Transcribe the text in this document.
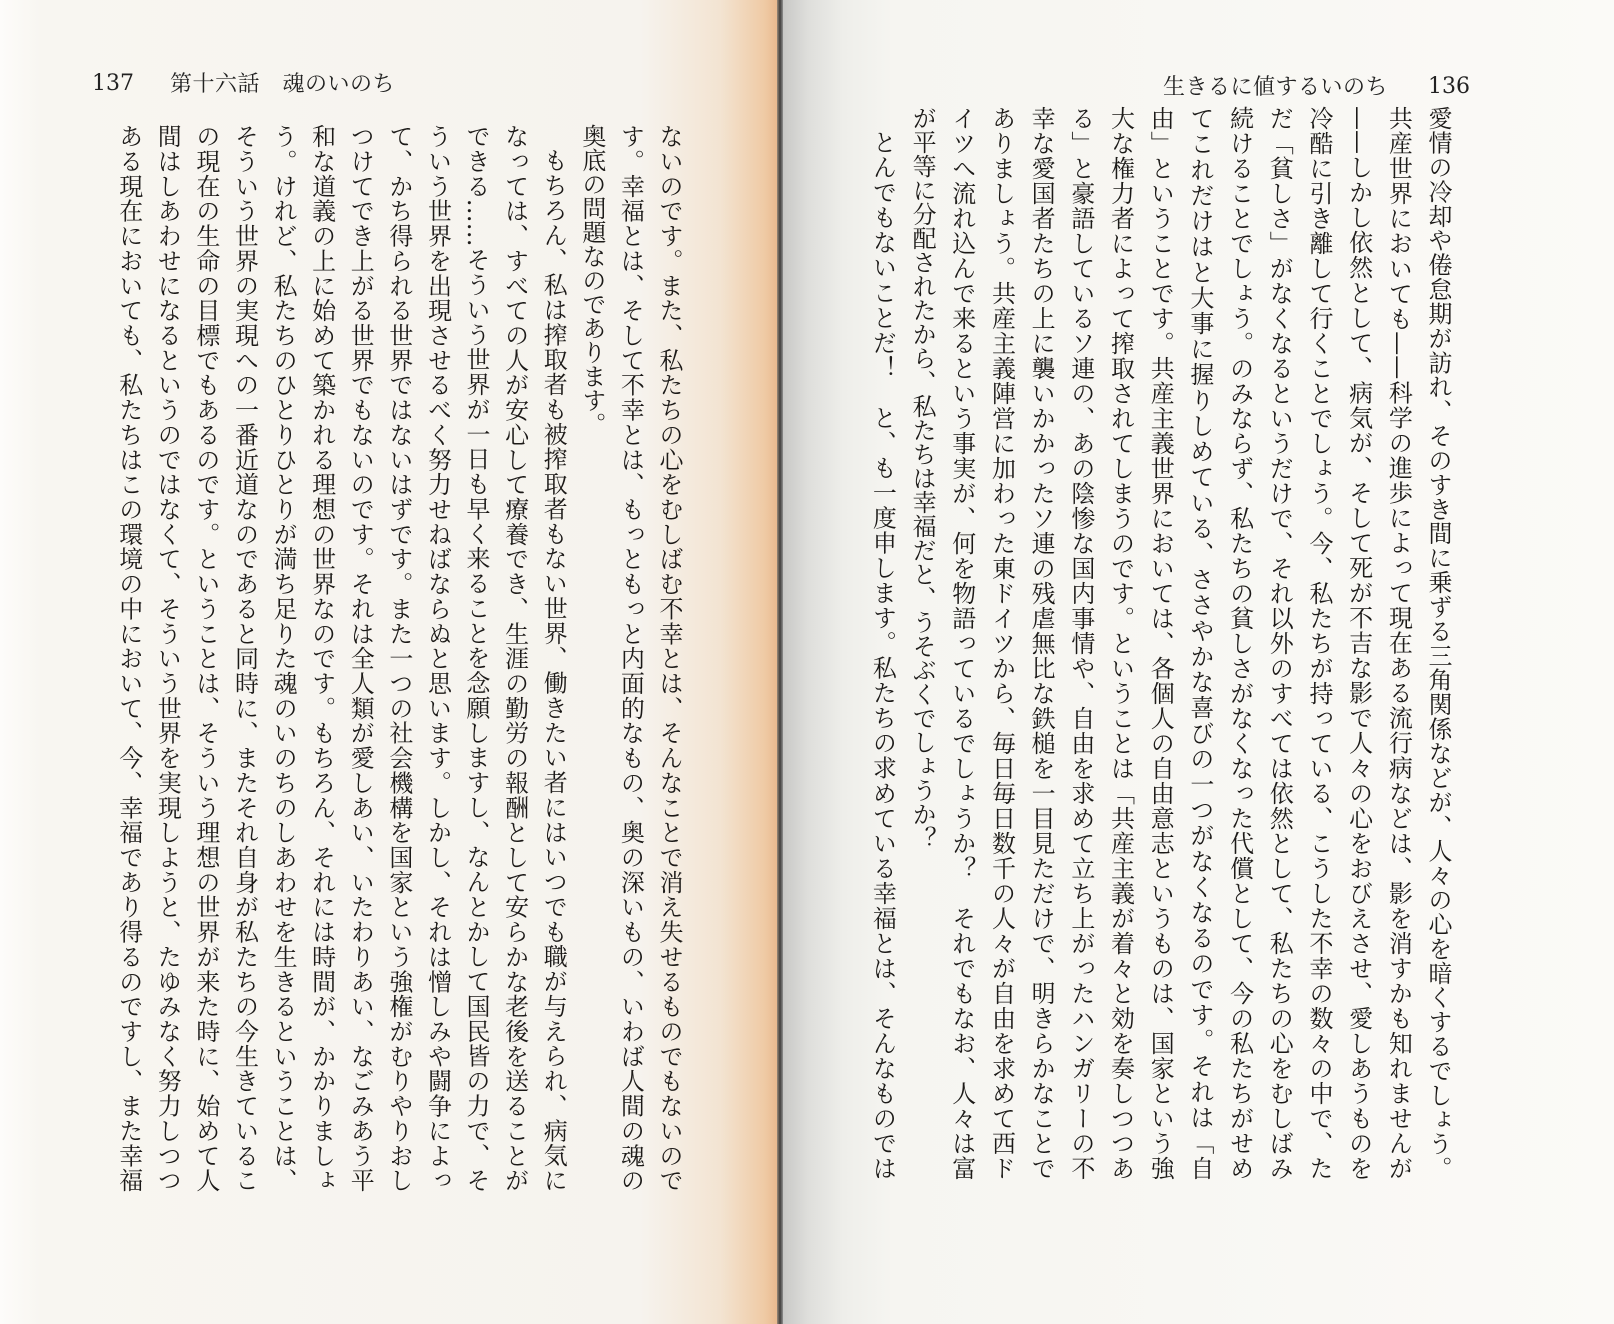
137 第十六話　魂のいのち
ないのです。また、私たちの心をむしばむ不幸とは、そんなことで消え失せるものでもないので
す。幸福とは、そして不幸とは、もっともっと内面的なもの、奥の深いもの、いわば人間の魂の
奥底の問題なのであります。
もちろん、私は搾取者も被搾取者もない世界、働きたい者にはいつでも職が与えられ、病気に
なっては、すべての人が安心して療養でき、生涯の勤労の報酬として安らかな老後を送ることが
できる……そういう世界が一日も早く来ることを念願しますし、なんとかして国民皆の力で、そ
ういう世界を出現させるべく努力せねばならぬと思います。しかし、それは憎しみや闘争によっ
て、かち得られる世界ではないはずです。また一つの社会機構を国家という強権がむりやりおし
つけてでき上がる世界でもないのです。それは全人類が愛しあい、いたわりあい、なごみあう平
和な道義の上に始めて築かれる理想の世界なのです。もちろん、それには時間が、かかりましょ
う。けれど、私たちのひとりひとりが満ち足りた魂のいのちのしあわせを生きるということは、
そういう世界の実現への一番近道なのであると同時に、またそれ自身が私たちの今生きているこ
の現在の生命の目標でもあるのです。ということは、そういう理想の世界が来た時に、始めて人
間はしあわせになるというのではなくて、そういう世界を実現しようと、たゆみなく努力しつつ
ある現在においても、私たちはこの環境の中において、今、幸福であり得るのですし、また幸福
生きるに値するいのち 136
愛情の冷却や倦怠期が訪れ、そのすき間に乗ずる三角関係などが、人々の心を暗くするでしょう。
共産世界においても——科学の進歩によって現在ある流行病などは、影を消すかも知れませんが
——しかし依然として、病気が、そして死が不吉な影で人々の心をおびえさせ、愛しあうものを
冷酷に引き離して行くことでしょう。今、私たちが持っている、こうした不幸の数々の中で、た
だ「貧しさ」がなくなるというだけで、それ以外のすべては依然として、私たちの心をむしばみ
続けることでしょう。のみならず、私たちの貧しさがなくなった代償として、今の私たちがせめ
てこれだけはと大事に握りしめている、ささやかな喜びの一つがなくなるのです。それは「自
由」ということです。共産主義世界においては、各個人の自由意志というものは、国家という強
大な権力者によって搾取されてしまうのです。ということは「共産主義が着々と効を奏しつつあ
る」と豪語しているソ連の、あの陰惨な国内事情や、自由を求めて立ち上がったハンガリーの不
幸な愛国者たちの上に襲いかかったソ連の残虐無比な鉄槌を一目見ただけで、明きらかなことで
ありましょう。共産主義陣営に加わった東ドイツから、毎日毎日数千の人々が自由を求めて西ド
イツへ流れ込んで来るという事実が、何を物語っているでしょうか？　それでもなお、人々は富
が平等に分配されたから、私たちは幸福だと、うそぶくでしょうか？
とんでもないことだ！　と、も一度申します。私たちの求めている幸福とは、そんなものでは
